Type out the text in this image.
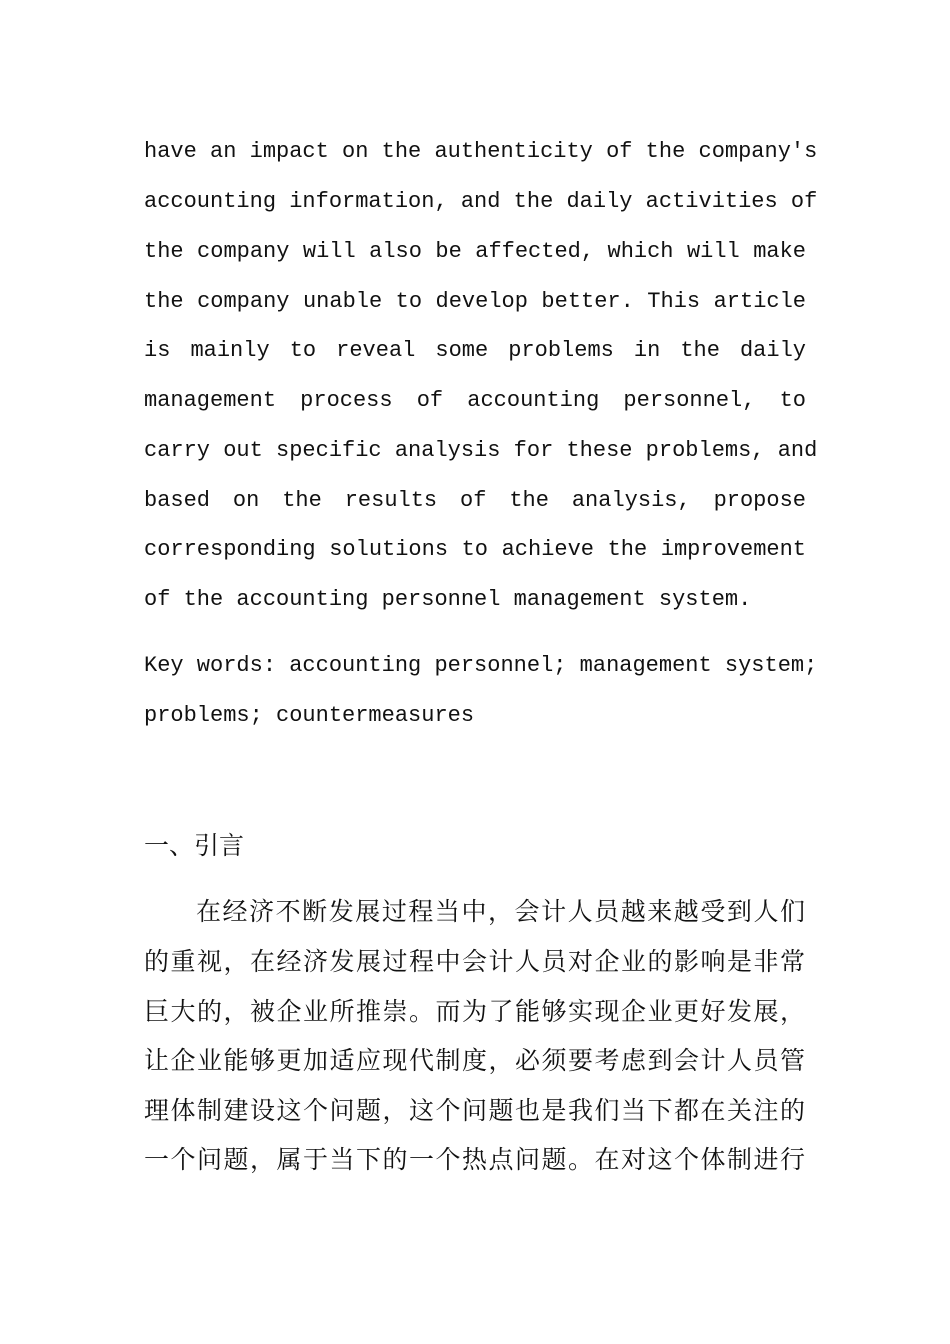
have an impact on the authenticity of the company's
accounting information, and the daily activities of
the company will also be affected, which will make
the company unable to develop better. This article
is mainly to reveal some problems in the daily
management process of accounting personnel, to
carry out specific analysis for these problems, and
based on the results of the analysis, propose
corresponding solutions to achieve the improvement
of the accounting personnel management system.
Key words: accounting personnel; management system;
problems; countermeasures
一、引言
在经济不断发展过程当中，会计人员越来越受到人们
的重视，在经济发展过程中会计人员对企业的影响是非常
巨大的，被企业所推崇。而为了能够实现企业更好发展，
让企业能够更加适应现代制度，必须要考虑到会计人员管
理体制建设这个问题，这个问题也是我们当下都在关注的
一个问题，属于当下的一个热点问题。在对这个体制进行
